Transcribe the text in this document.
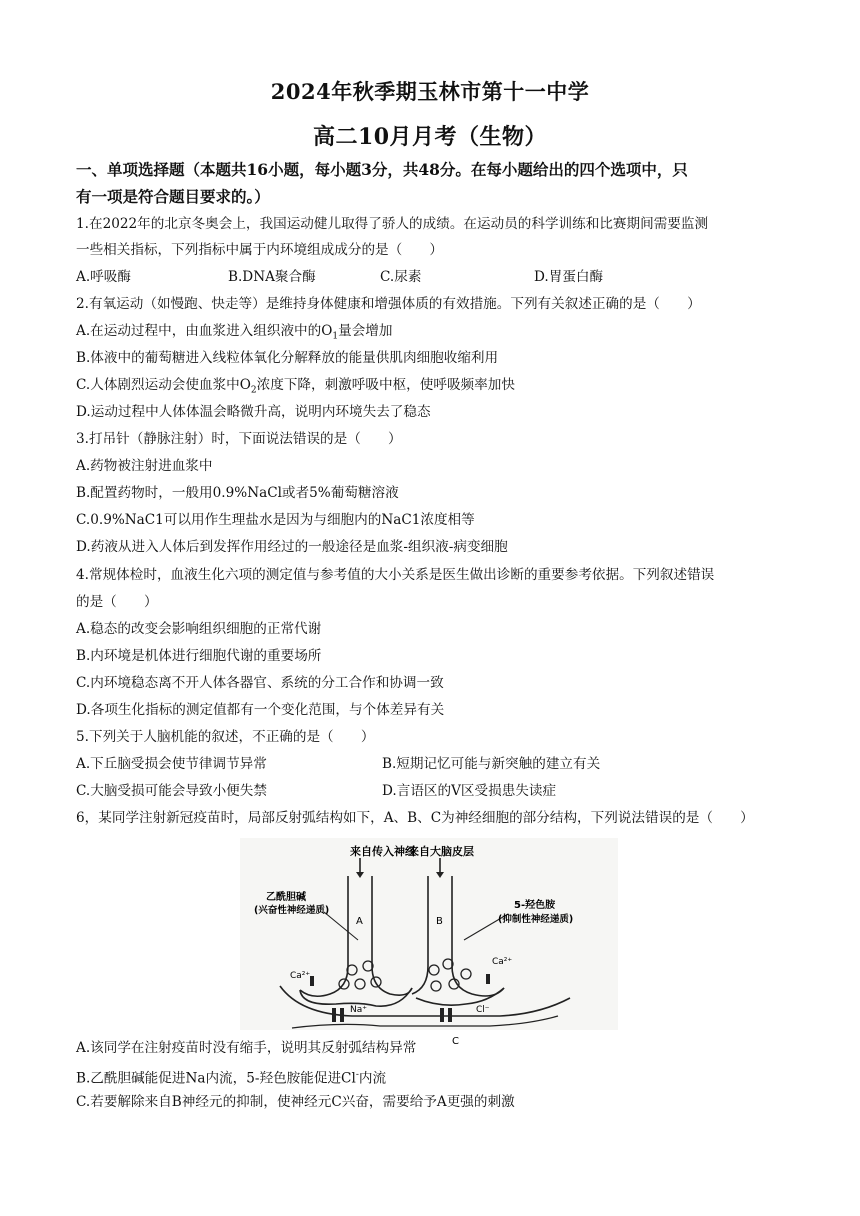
2024年秋季期玉林市第十一中学
高二10月月考（生物）
一、单项选择题（本题共16小题，每小题3分，共48分。在每小题给出的四个选项中，只
有一项是符合题目要求的。）
1.在2022年的北京冬奥会上，我国运动健儿取得了骄人的成绩。在运动员的科学训练和比赛期间需要监测
一些相关指标，下列指标中属于内环境组成成分的是（　　）
A.呼吸酶	B.DNA聚合酶	C.尿素	D.胃蛋白酶
2.有氧运动（如慢跑、快走等）是维持身体健康和增强体质的有效措施。下列有关叙述正确的是（　　）
A.在运动过程中，由血浆进入组织液中的$O_1$量会增加
B.体液中的葡萄糖进入线粒体氧化分解释放的能量供肌肉细胞收缩利用
C.人体剧烈运动会使血浆中$O_2$浓度下降，刺激呼吸中枢，使呼吸频率加快
D.运动过程中人体体温会略微升高，说明内环境失去了稳态
3.打吊针（静脉注射）时，下面说法错误的是（　　）
A.药物被注射进血浆中
B.配置药物时，一般用0.9%NaCl或者5%葡萄糖溶液
C.0.9%NaC1可以用作生理盐水是因为与细胞内的NaC1浓度相等
D.药液从进入人体后到发挥作用经过的一般途径是血浆-组织液-病变细胞
4.常规体检时，血液生化六项的测定值与参考值的大小关系是医生做出诊断的重要参考依据。下列叙述错误
的是（　　）
A.稳态的改变会影响组织细胞的正常代谢
B.内环境是机体进行细胞代谢的重要场所
C.内环境稳态离不开人体各器官、系统的分工合作和协调一致
D.各项生化指标的测定值都有一个变化范围，与个体差异有关
5.下列关于人脑机能的叙述，不正确的是（　　）
A.下丘脑受损会使节律调节异常	B.短期记忆可能与新突触的建立有关
C.大脑受损可能会导致小便失禁	D.言语区的V区受损患失读症
6，某同学注射新冠疫苗时，局部反射弧结构如下，A、B、C为神经细胞的部分结构，下列说法错误的是（　　）
来自传入神经
来自大脑皮层
乙酰胆碱
(兴奋性神经递质)	5-羟色胺
(抑制性神经递质)
A	B
C
Ca²⁺
Ca²⁺
Na⁺	Cl⁻
A.该同学在注射疫苗时没有缩手，说明其反射弧结构异常
B.乙酰胆碱能促进Na内流，5-羟色胺能促进Cl-内流
C.若要解除来自B神经元的抑制，使神经元C兴奋，需要给予A更强的刺激
